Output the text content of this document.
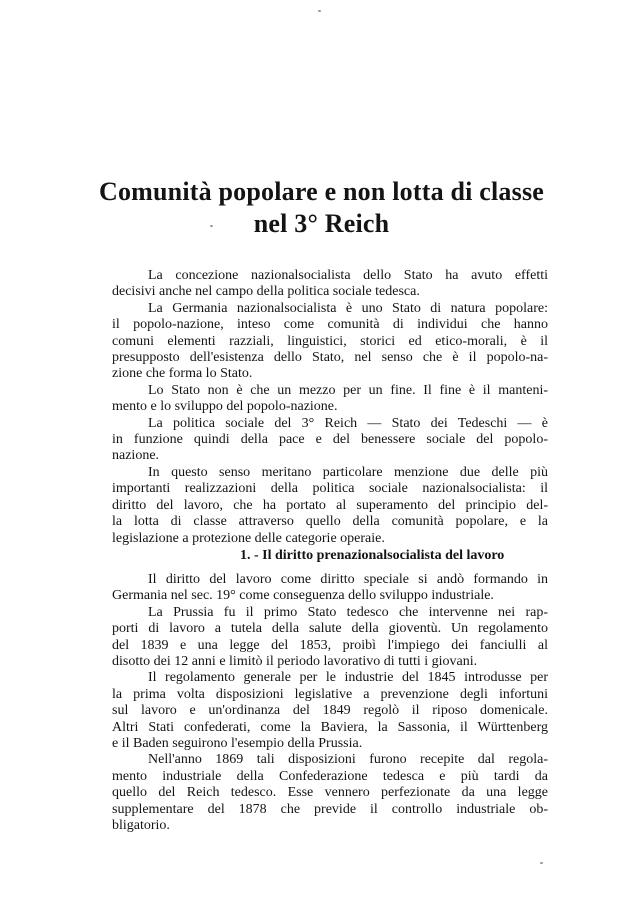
Comunità popolare e non lotta di classe
nel 3° Reich
La concezione nazionalsocialista dello Stato ha avuto effetti
decisivi anche nel campo della politica sociale tedesca.
La Germania nazionalsocialista è uno Stato di natura popolare:
il popolo-nazione, inteso come comunità di individui che hanno
comuni elementi razziali, linguistici, storici ed etico-morali, è il
presupposto dell'esistenza dello Stato, nel senso che è il popolo-na-
zione che forma lo Stato.
Lo Stato non è che un mezzo per un fine. Il fine è il manteni-
mento e lo sviluppo del popolo-nazione.
La politica sociale del 3° Reich — Stato dei Tedeschi — è
in funzione quindi della pace e del benessere sociale del popolo-
nazione.
In questo senso meritano particolare menzione due delle più
importanti realizzazioni della politica sociale nazionalsocialista: il
diritto del lavoro, che ha portato al superamento del principio del-
la lotta di classe attraverso quello della comunità popolare, e la
legislazione a protezione delle categorie operaie.
1. - Il diritto prenazionalsocialista del lavoro
Il diritto del lavoro come diritto speciale si andò formando in
Germania nel sec. 19° come conseguenza dello sviluppo industriale.
La Prussia fu il primo Stato tedesco che intervenne nei rap-
porti di lavoro a tutela della salute della gioventù. Un regolamento
del 1839 e una legge del 1853, proibì l'impiego dei fanciulli al
disotto dei 12 anni e limitò il periodo lavorativo di tutti i giovani.
Il regolamento generale per le industrie del 1845 introdusse per
la prima volta disposizioni legislative a prevenzione degli infortuni
sul lavoro e un'ordinanza del 1849 regolò il riposo domenicale.
Altri Stati confederati, come la Baviera, la Sassonia, il Württenberg
e il Baden seguirono l'esempio della Prussia.
Nell'anno 1869 tali disposizioni furono recepite dal regola-
mento industriale della Confederazione tedesca e più tardi da
quello del Reich tedesco. Esse vennero perfezionate da una legge
supplementare del 1878 che previde il controllo industriale ob-
bligatorio.
